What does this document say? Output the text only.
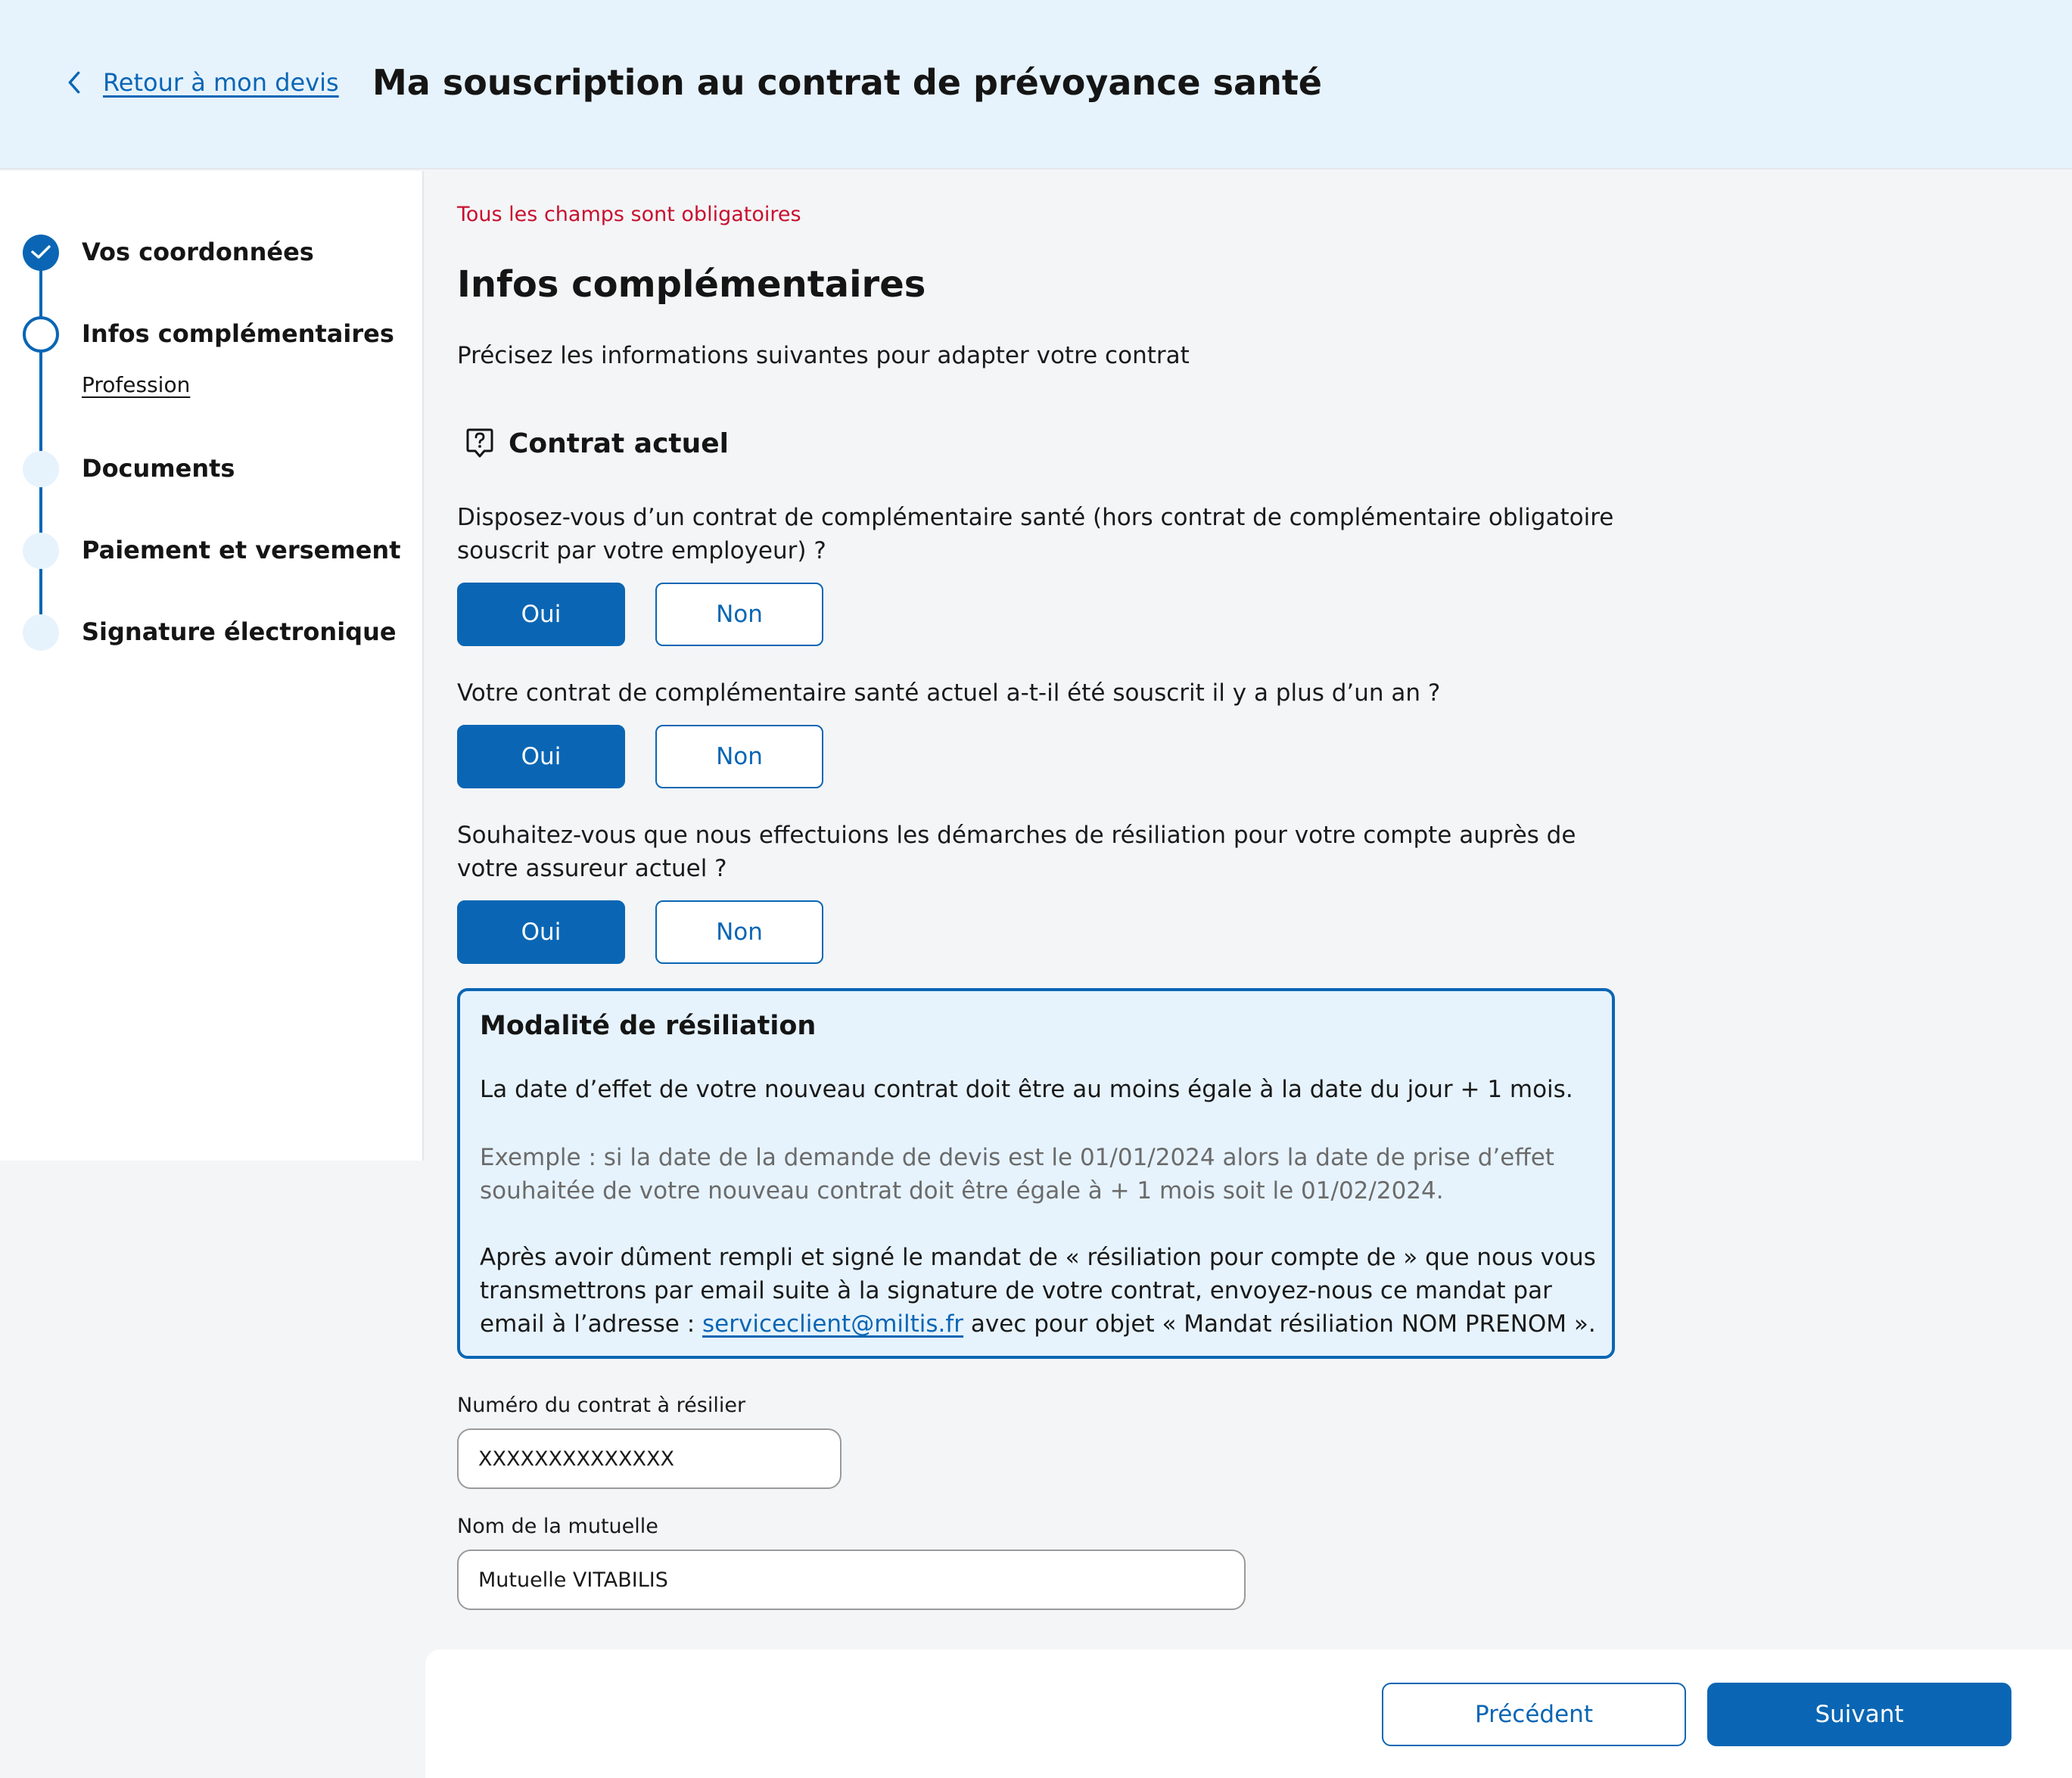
Retour à mon devis Ma souscription au contrat de prévoyance santé
Vos coordonnées
Infos complémentaires
Profession
Documents
Paiement et versement
Signature électronique
Tous les champs sont obligatoires
Infos complémentaires
Précisez les informations suivantes pour adapter votre contrat
Contrat actuel
Disposez-vous d’un contrat de complémentaire santé (hors contrat de complémentaire obligatoire souscrit par votre employeur) ?
Oui	Non
Votre contrat de complémentaire santé actuel a-t-il été souscrit il y a plus d’un an ?
Oui	Non
Souhaitez-vous que nous effectuions les démarches de résiliation pour votre compte auprès de votre assureur actuel ?
Oui	Non
Modalité de résiliation
La date d’effet de votre nouveau contrat doit être au moins égale à la date du jour + 1 mois.
Exemple : si la date de la demande de devis est le 01/01/2024 alors la date de prise d’effet souhaitée de votre nouveau contrat doit être égale à + 1 mois soit le 01/02/2024.
Après avoir dûment rempli et signé le mandat de « résiliation pour compte de » que nous vous transmettrons par email suite à la signature de votre contrat, envoyez-nous ce mandat par email à l’adresse : serviceclient@miltis.fr avec pour objet « Mandat résiliation NOM PRENOM ».
Numéro du contrat à résilier
XXXXXXXXXXXXXX
Nom de la mutuelle
Mutuelle VITABILIS
Précédent	Suivant
